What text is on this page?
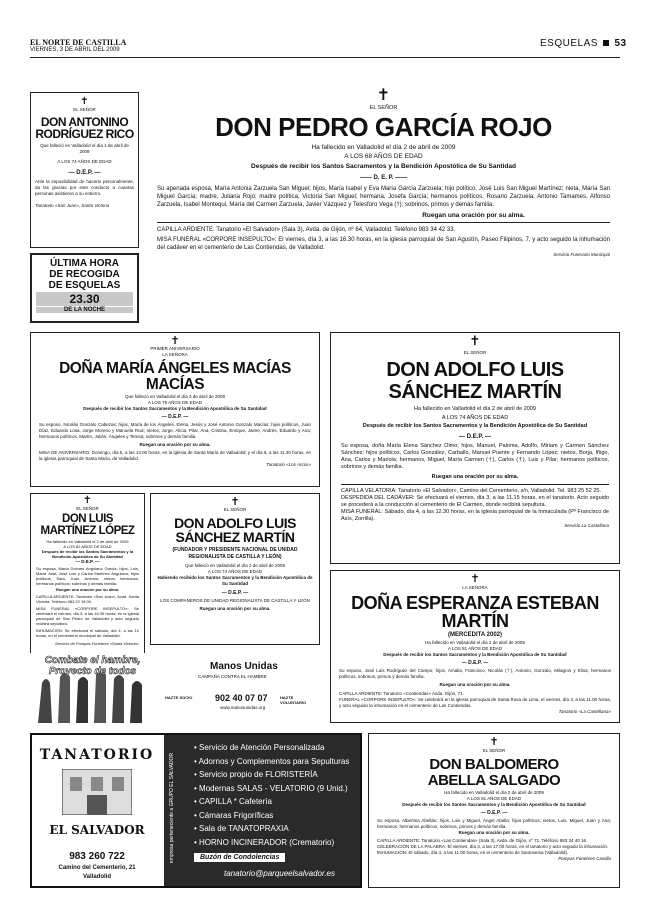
EL NORTE DE CASTILLA
VIERNES, 3 DE ABRIL DEL 2009
ESQUELAS 53
✝
EL SEÑOR
DON ANTONINO
RODRÍGUEZ RICO
Que falleció en Valladolid el día 1 de abril de 2009
A LOS 74 AÑOS DE EDAD
— D.E.P. —
Ante la imposibilidad de hacerlo personalmente, da las gracias por este conducto a cuantas personas asistieron a su entierro.
Tanatorio «San Juan», Santa Victoria
ÚLTIMA HORA
DE RECOGIDA
DE ESQUELAS
23.30
DE LA NOCHE
✝
EL SEÑOR
DON PEDRO GARCÍA ROJO
Ha fallecido en Valladolid el día 2 de abril de 2009
A LOS 68 AÑOS DE EDAD
Después de recibir los Santos Sacramentos y la Bendición Apostólica de Su Santidad
—— D. E. P. ——
Su apenada esposa, María Antonia Zarzuela San Miguel; hijos, María Isabel y Eva María García Zarzuela; hijo político, José Luis San Miguel Martínez; nieta, María San Miguel García; madre, Juliana Rojo; madre política, Victoria San Miguel; hermana, Josefa García; hermanos políticos, Rosario Zarzuela, Antonio Tamames, Alfonso Zarzuela, Isabel Montequi, María del Carmen Zarzuela, Javier Vázquez y Telesforo Vega (†); sobrinos, primos y demás familia.
Ruegan una oración por su alma.
CAPILLA ARDIENTE: Tanatorio «El Salvador» (Sala 3), Avda. de Gijón, nº 64, Valladolid. Teléfono 983 34 42 33.
MISA FUNERAL «CORPORE INSEPULTO»: El viernes, día 3, a las 16.30 horas, en la iglesia parroquial de San Agustín, Paseo Filipinos, 7, y acto seguido la inhumación del cadáver en el cementerio de Las Contiendas, de Valladolid.
Servicio Funerario Municipal
✝
PRIMER ANIVERSARIO
LA SEÑORA
DOÑA MARÍA ÁNGELES MACÍAS MACÍAS
Que falleció en Valladolid el día 3 de abril de 2008
A LOS 75 AÑOS DE EDAD
Después de recibir los Santos Sacramentos y la Bendición Apostólica de Su Santidad
— D.E.P. —
Su esposo, Nicolás Gonzalo Cabezas; hijos, María de los Ángeles, Elena, Jesús y José Antonio Gonzalo Macías; hijos políticos, Juan Díaz, Eduardo Losa, Jorge Moreno y Manuela Ruiz; nietos, Jorge, Alicia, Pilar, Ana, Cristina, Enrique, Jaime, Andrés, Eduardo y Ana; hermanos políticos, Martín, Julián, Ángeles y Teresa; sobrinos y demás familia.
Ruegan una oración por su alma.
MISA DE ANIVERSARIO: Domingo, día 5, a las 13.00 horas, en la iglesia de Santa María de Valladolid; y el día 6, a las 11.30 horas, en la iglesia parroquial de Santa María, de Valladolid.
Tanatorio «Los Arcos»
✝
EL SEÑOR
DON ADOLFO LUIS
SÁNCHEZ MARTÍN
Ha fallecido en Valladolid el día 2 de abril de 2009
A LOS 74 AÑOS DE EDAD
Después de recibir los Santos Sacramentos y la Bendición Apostólica de Su Santidad
— D.E.P. —
Su esposa, doña María Elena Sánchez Olmo; hijos, Manuel, Paloma, Adolfo, Miriam y Carmen Sánchez Sánchez; hijos políticos, Carlos González, Carballo, Manuel Puente y Fernando López; nietos, Borja, Iñigo, Ana, Carlos y Mariola; hermanos, Miguel, María Carmen (†), Carlos (†), Luis y Pilar; hermanos políticos, sobrinos y demás familia.
Ruegan una oración por su alma.
CAPILLA VELATORIA: Tanatorio «El Salvador», Camino del Cementerio, s/n, Valladolid. Tel. 983 25 52 25.
DESPEDIDA DEL CADÁVER: Se efectuará el viernes, día 3, a las 11.15 horas, en el tanatorio. Acto seguido se procederá a la conducción al cementerio de El Carmen, donde recibirá sepultura.
MISA FUNERAL: Sábado, día 4, a las 12.30 horas, en la iglesia parroquial de la Inmaculada (Pº Francisco de Asís, Zorrilla).
Servicio La Castellana
✝
EL SEÑOR
DON LUIS
MARTÍNEZ LÓPEZ
Ha fallecido en Valladolid el 2 de abril de 2009
A LOS 82 AÑOS DE EDAD
Después de recibir los Santos Sacramentos y la Bendición Apostólica de Su Santidad
— D.E.P. —
Su esposa, María Dolores Anguiano García; hijos, Luis, María José, José Luis y Carlos Martínez Anguiano; hijos políticos, Sara, Juan, Antonio; nietos; hermanos; hermanos políticos; sobrinos y demás familia.
Ruegan una oración por su alma.
CAPILLA ARDIENTE: Tanatorio «San Juan», Avda. Santa Victoria. Teléfono 983 22 18 00.
MISA FUNERAL «CORPORE INSEPULTO»: Se celebrará el viernes, día 3, a las 16.30 horas, en la iglesia parroquial de San Pedro de Valladolid y acto seguido recibirá sepultura.
INHUMACIÓN: Se efectuará el sábado, día 4, a las 10 horas, en el cementerio municipal de Valladolid.
Servicio de Pompas Fúnebres «Santa Victoria»
✝
EL SEÑOR
DON ADOLFO LUIS
SÁNCHEZ MARTÍN
(FUNDADOR Y PRESIDENTE NACIONAL DE UNIDAD REGIONALISTA DE CASTILLA Y LEÓN)
Que falleció en Valladolid el día 2 de abril de 2009
A LOS 74 AÑOS DE EDAD
Habiendo recibido los Santos Sacramentos y la Bendición Apostólica de Su Santidad
— D.E.P. —
LOS COMPAÑEROS DE UNIDAD REGIONALISTA DE CASTILLA Y LEÓN
Ruegan una oración por su alma.
Combate el hambre, Proyecto de todos	Manos Unidas
CAMPAÑA CONTRA EL HAMBRE
902 40 07 07
www.manosunidas.org
HAZTE SOCIO	HAZTE VOLUNTARIO
✝
LA SEÑORA
DOÑA ESPERANZA ESTEBAN MARTÍN
(MERCEDITA 2002)
Ha fallecido en Valladolid el día 2 de abril de 2009
A LOS 81 AÑOS DE EDAD
Después de recibir los Santos Sacramentos y la Bendición Apostólica de Su Santidad
— D.E.P. —
Su esposo, José Luis Rodríguez del Campo; hijos, Amalia, Francisco, Nicolás (†), Antonio, Gonzalo, Milagros y Elisa; hermanos políticos, sobrinos, primos y demás familia.
Ruegan una oración por su alma.
CAPILLA ARDIENTE: Tanatorio «Contiendas» Avda. Gijón, 71.
FUNERAL «CORPORE INSEPULTO»: Se celebrará en la iglesia parroquial de Santa Rosa de Lima, el viernes, día 3, a las 11.00 horas, y acto seguido la inhumación en el cementerio de Las Contiendas.
Tanatorio «La Castellana»
TANATORIO
EL SALVADOR
983 260 722
Camino del Cementerio, 21
Valladolid
empresa perteneciente a GRUPO EL SALVADOR
• Servicio de Atención Personalizada
• Adornos y Complementos para Sepulturas
• Servicio propio de FLORISTERÍA
• Modernas SALAS - VELATORIO (9 Unid.)
• CAPILLA * Cafetería
• Cámaras Frigoríficas
• Sala de TANATOPRAXIA
• HORNO INCINERADOR (Crematorio)
Buzón de Condolencias
tanatorio@parqueelsalvador.es
✝
EL SEÑOR
DON BALDOMERO
ABELLA SALGADO
Ha fallecido en Valladolid el día 2 de abril de 2009
A LOS 81 AÑOS DE EDAD
Después de recibir los Santos Sacramentos y la Bendición Apostólica de Su Santidad
— D.E.P. —
Su esposa, Albertina Abellán; hijos, Luis y Miguel, Ángel Abella; hijos políticos; nietos, Luis, Miguel, Juan y Ana; hermanos; hermanos políticos, sobrinos, primos y demás familia.
Ruegan una oración por su alma.
CAPILLA ARDIENTE: Tanatorio «Las Contiendas» (Sala 3), Avda. de Gijón, nº 71. Teléfono 983 34 40 16.
CELEBRACIÓN DE LA PALABRA: El viernes, día 3, a las 17.00 horas, en el tanatorio y acto seguido la inhumación.
INHUMACIÓN: El sábado, día 4, a las 11.00 horas, en el cementerio de Santovenia (Valladolid).
Pompas Fúnebres Castilla
